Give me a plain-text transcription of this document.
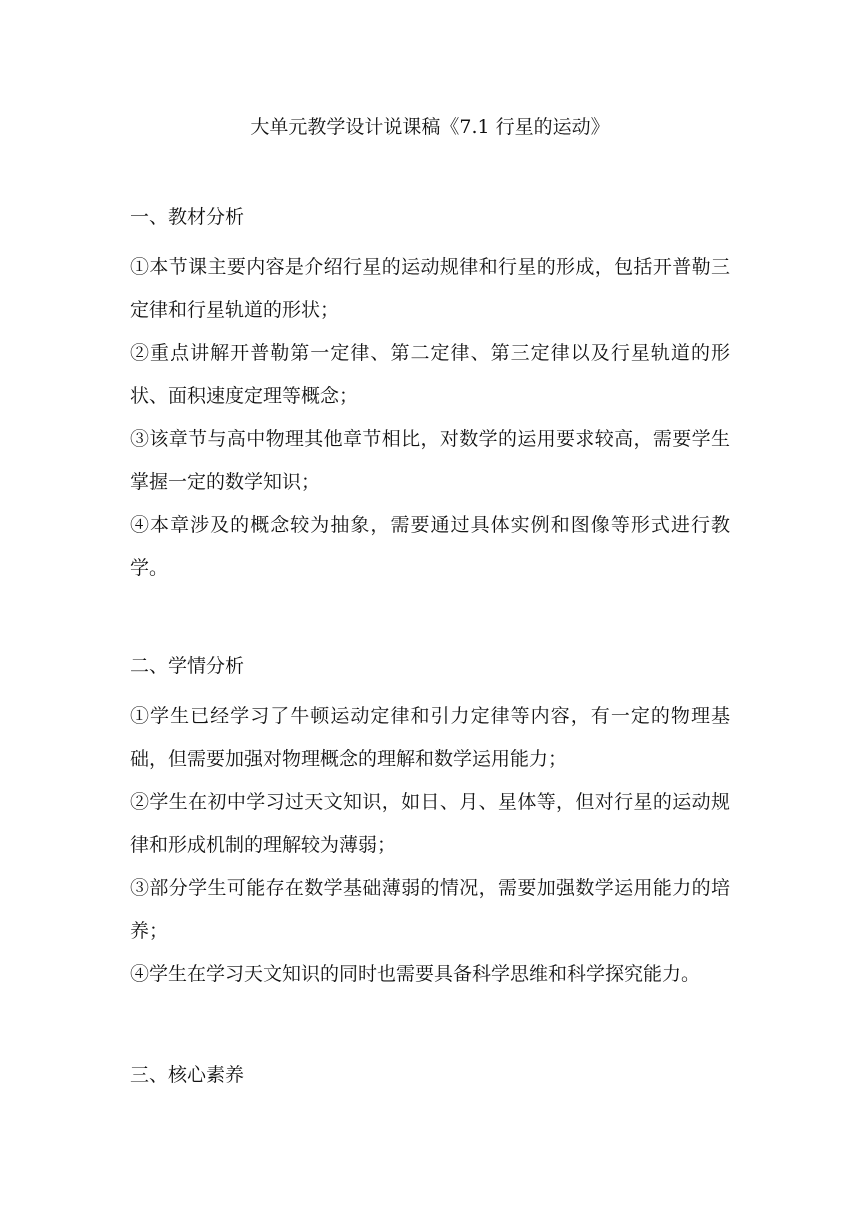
大单元教学设计说课稿《7.1 行星的运动》
一、教材分析

①本节课主要内容是介绍行星的运动规律和行星的形成，包括开普勒三定律和行星轨道的形状；

②重点讲解开普勒第一定律、第二定律、第三定律以及行星轨道的形状、面积速度定理等概念；

③该章节与高中物理其他章节相比，对数学的运用要求较高，需要学生掌握一定的数学知识；

④本章涉及的概念较为抽象，需要通过具体实例和图像等形式进行教学。

二、学情分析

①学生已经学习了牛顿运动定律和引力定律等内容，有一定的物理基础，但需要加强对物理概念的理解和数学运用能力；

②学生在初中学习过天文知识，如日、月、星体等，但对行星的运动规律和形成机制的理解较为薄弱；

③部分学生可能存在数学基础薄弱的情况，需要加强数学运用能力的培养；

④学生在学习天文知识的同时也需要具备科学思维和科学探究能力。

三、核心素养
